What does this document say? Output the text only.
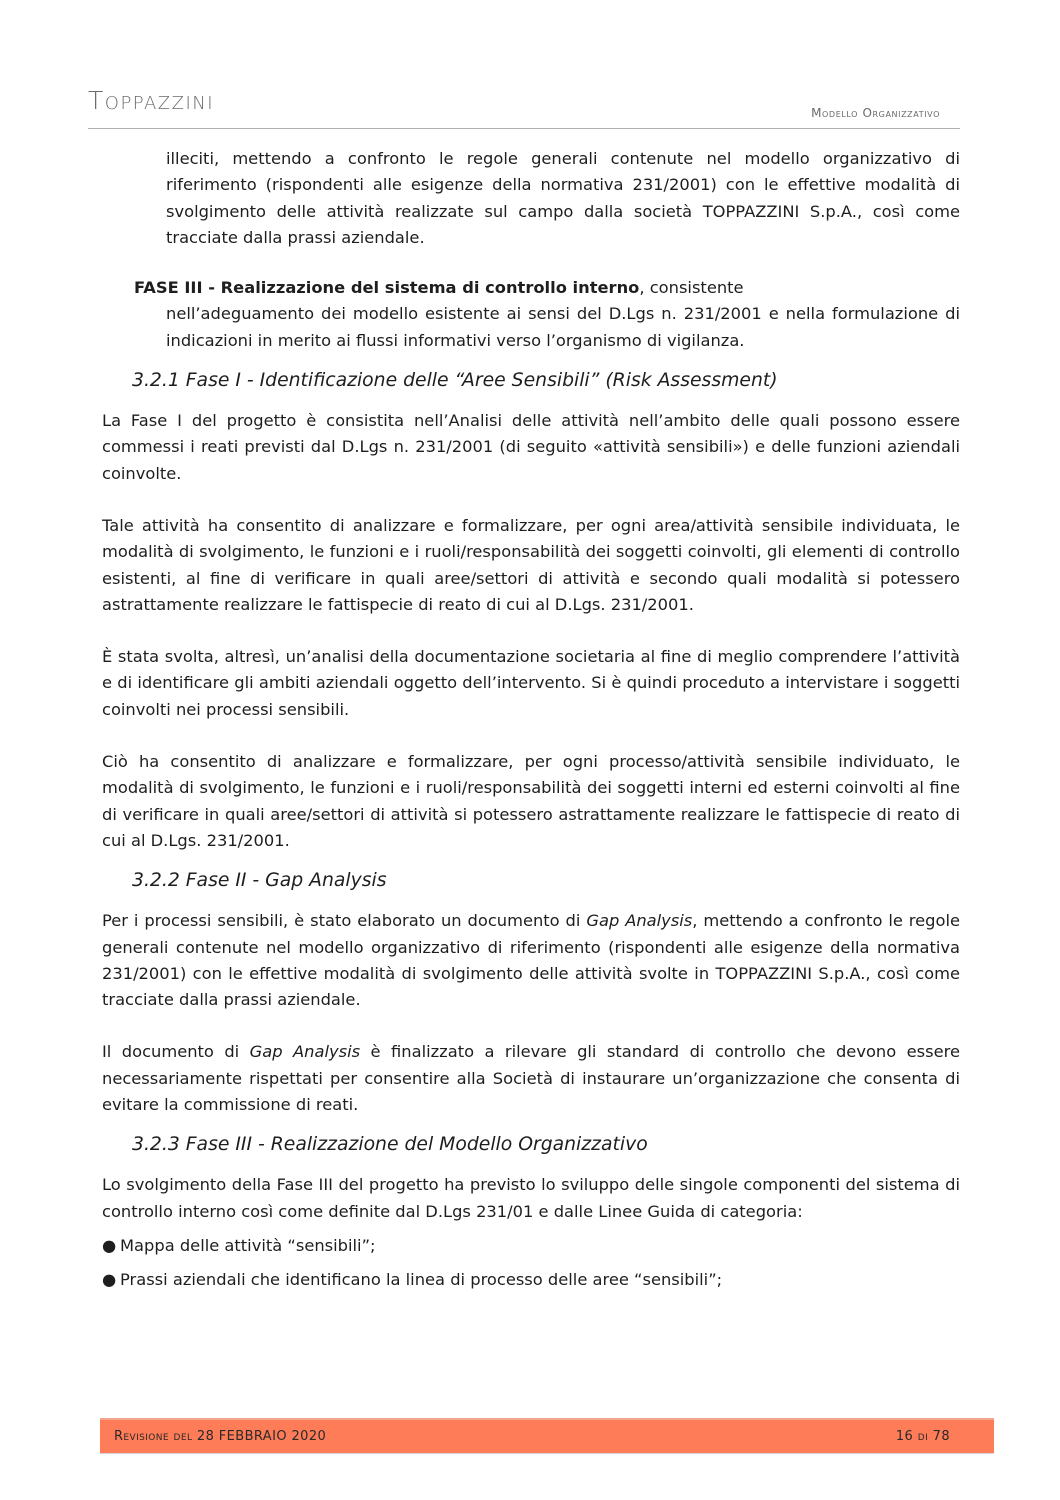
Toppazzini	Modello Organizzativo

illeciti, mettendo a confronto le regole generali contenute nel modello organizzativo di riferimento (rispondenti alle esigenze della normativa 231/2001) con le effettive modalità di svolgimento delle attività realizzate sul campo dalla società TOPPAZZINI S.p.A., così come tracciate dalla prassi aziendale.

FASE III - Realizzazione del sistema di controllo interno, consistente
nell’adeguamento dei modello esistente ai sensi del D.Lgs n. 231/2001 e nella formulazione di indicazioni in merito ai flussi informativi verso l’organismo di vigilanza.

3.2.1 Fase I - Identificazione delle “Aree Sensibili” (Risk Assessment)

La Fase I del progetto è consistita nell’Analisi delle attività nell’ambito delle quali possono essere commessi i reati previsti dal D.Lgs n. 231/2001 (di seguito «attività sensibili») e delle funzioni aziendali coinvolte.

Tale attività ha consentito di analizzare e formalizzare, per ogni area/attività sensibile individuata, le modalità di svolgimento, le funzioni e i ruoli/responsabilità dei soggetti coinvolti, gli elementi di controllo esistenti, al fine di verificare in quali aree/settori di attività e secondo quali modalità si potessero astrattamente realizzare le fattispecie di reato di cui al D.Lgs. 231/2001.

È stata svolta, altresì, un’analisi della documentazione societaria al fine di meglio comprendere l’attività e di identificare gli ambiti aziendali oggetto dell’intervento. Si è quindi proceduto a intervistare i soggetti coinvolti nei processi sensibili.

Ciò ha consentito di analizzare e formalizzare, per ogni processo/attività sensibile individuato, le modalità di svolgimento, le funzioni e i ruoli/responsabilità dei soggetti interni ed esterni coinvolti al fine di verificare in quali aree/settori di attività si potessero astrattamente realizzare le fattispecie di reato di cui al D.Lgs. 231/2001.

3.2.2 Fase II - Gap Analysis

Per i processi sensibili, è stato elaborato un documento di Gap Analysis, mettendo a confronto le regole generali contenute nel modello organizzativo di riferimento (rispondenti alle esigenze della normativa 231/2001) con le effettive modalità di svolgimento delle attività svolte in TOPPAZZINI S.p.A., così come tracciate dalla prassi aziendale.

Il documento di Gap Analysis è finalizzato a rilevare gli standard di controllo che devono essere necessariamente rispettati per consentire alla Società di instaurare un’organizzazione che consenta di evitare la commissione di reati.

3.2.3 Fase III - Realizzazione del Modello Organizzativo

Lo svolgimento della Fase III del progetto ha previsto lo sviluppo delle singole componenti del sistema di controllo interno così come definite dal D.Lgs 231/01 e dalle Linee Guida di categoria:

● Mappa delle attività “sensibili”;
● Prassi aziendali che identificano la linea di processo delle aree “sensibili”;
Revisione del 28 FEBBRAIO 2020	16 di 78
